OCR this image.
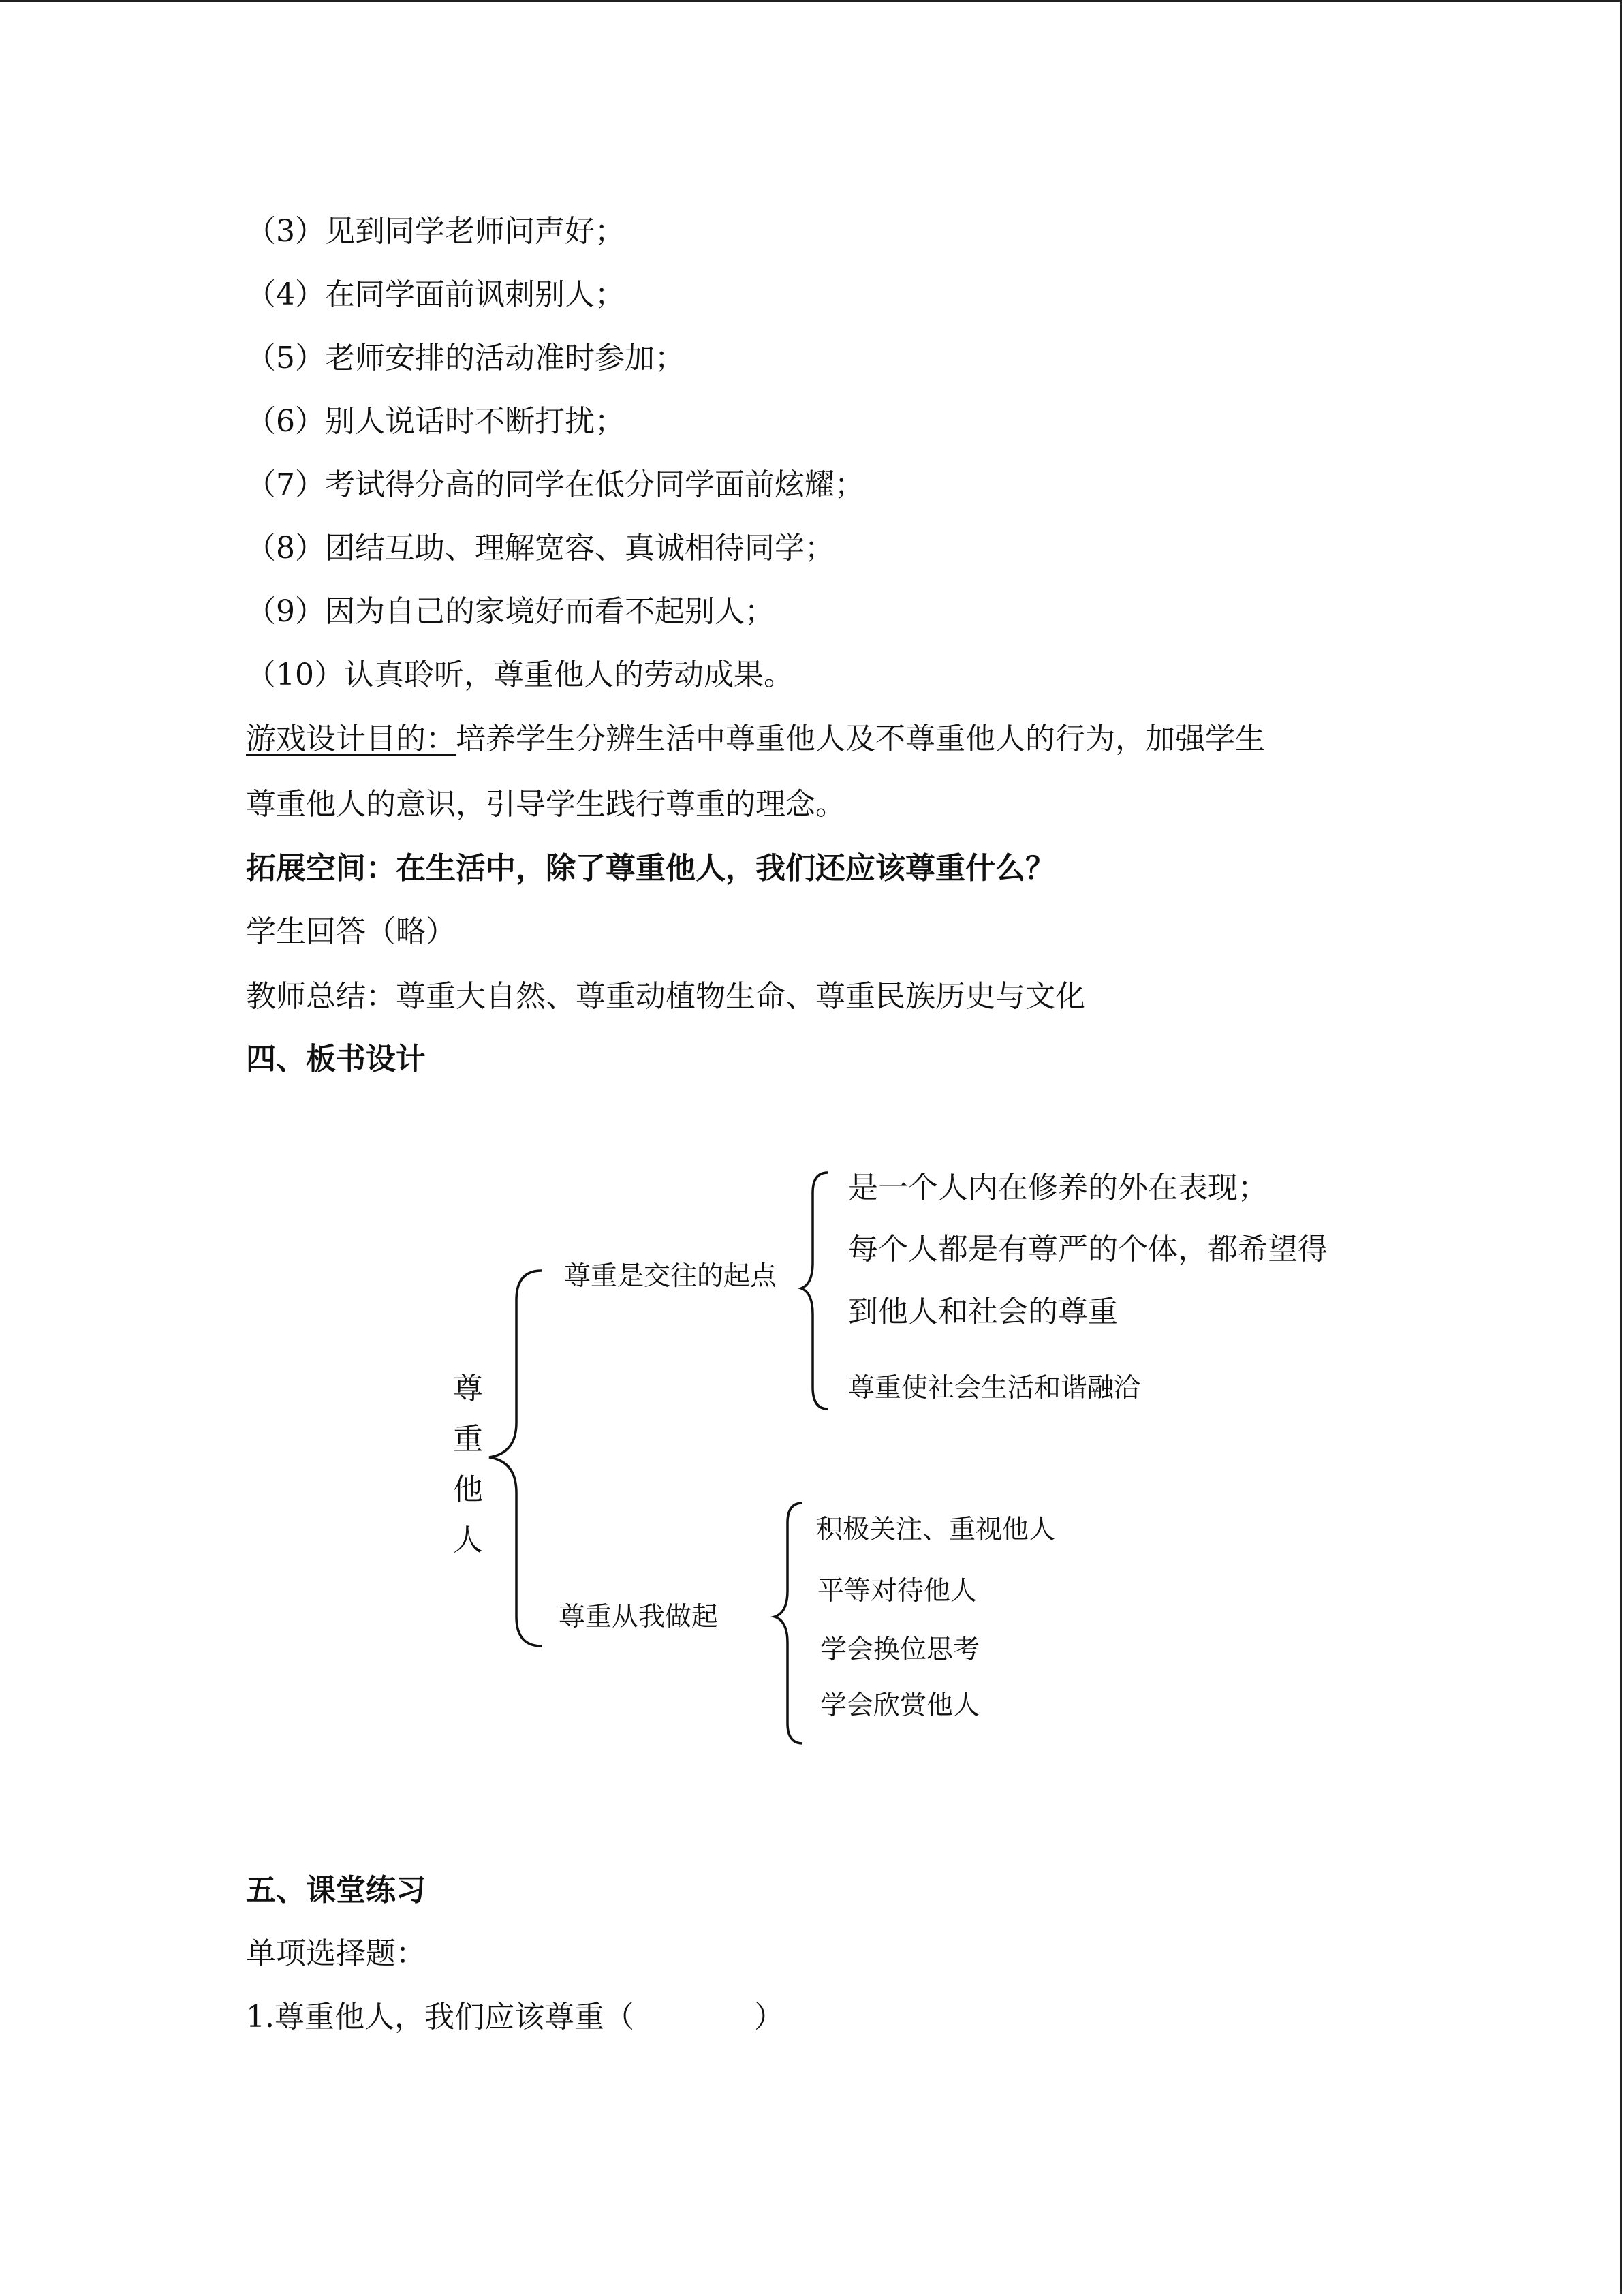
（3）见到同学老师问声好；
（4）在同学面前讽刺别人；
（5）老师安排的活动准时参加；
（6）别人说话时不断打扰；
（7）考试得分高的同学在低分同学面前炫耀；
（8）团结互助、理解宽容、真诚相待同学；
（9）因为自己的家境好而看不起别人；
（10）认真聆听，尊重他人的劳动成果。
游戏设计目的：培养学生分辨生活中尊重他人及不尊重他人的行为，加强学生
尊重他人的意识，引导学生践行尊重的理念。
拓展空间：在生活中，除了尊重他人，我们还应该尊重什么？
学生回答（略）
教师总结：尊重大自然、尊重动植物生命、尊重民族历史与文化
四、板书设计
尊
重
他
人
尊重是交往的起点
是一个人内在修养的外在表现；
每个人都是有尊严的个体，都希望得
到他人和社会的尊重
尊重使社会生活和谐融洽
尊重从我做起
积极关注、重视他人
平等对待他人
学会换位思考
学会欣赏他人
五、课堂练习
单项选择题：
1.尊重他人，我们应该尊重（　　　　）
